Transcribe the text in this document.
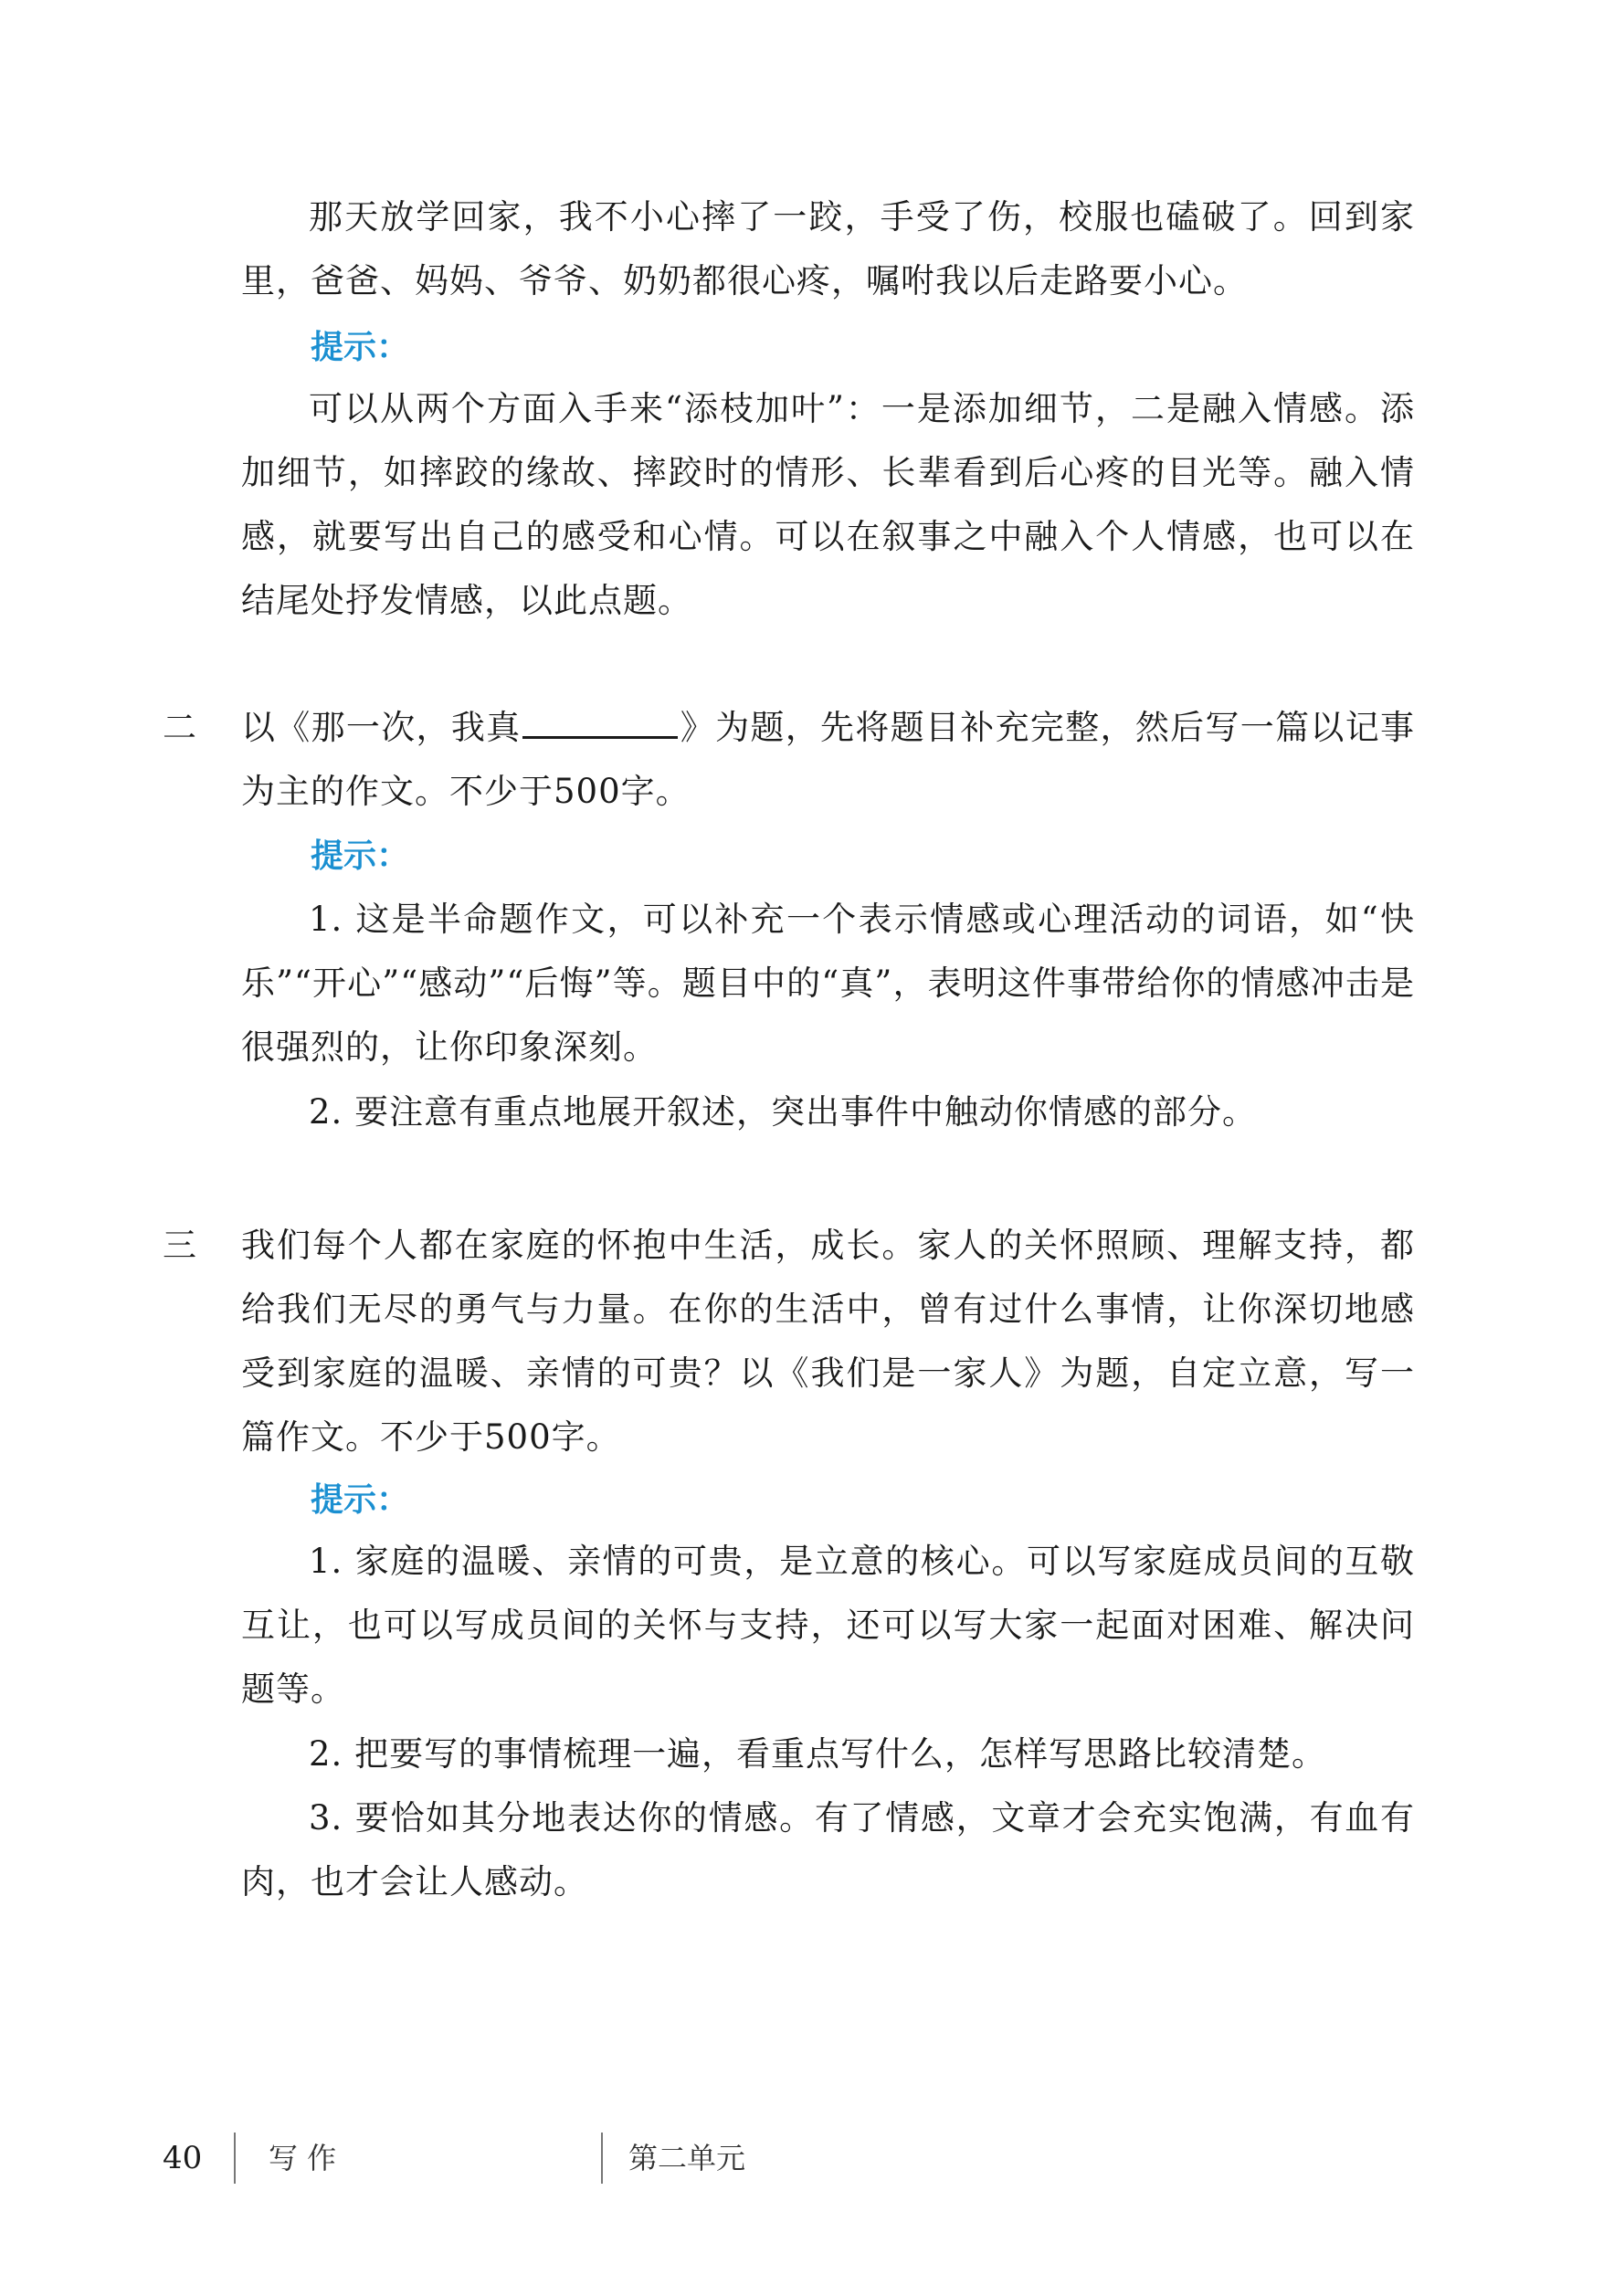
那天放学回家，我不小心摔了一跤，手受了伤，校服也磕破了。回到家里，爸爸、妈妈、爷爷、奶奶都很心疼，嘱咐我以后走路要小心。

提示：

可以从两个方面入手来“添枝加叶”：一是添加细节，二是融入情感。添加细节，如摔跤的缘故、摔跤时的情形、长辈看到后心疼的目光等。融入情感，就要写出自己的感受和心情。可以在叙事之中融入个人情感，也可以在结尾处抒发情感，以此点题。

二 以《那一次，我真	》为题，先将题目补充完整，然后写一篇以记事为主的作文。不少于500字。

提示：

1. 这是半命题作文，可以补充一个表示情感或心理活动的词语，如“快乐”“开心”“感动”“后悔”等。题目中的“真”，表明这件事带给你的情感冲击是很强烈的，让你印象深刻。

2. 要注意有重点地展开叙述，突出事件中触动你情感的部分。

三 我们每个人都在家庭的怀抱中生活，成长。家人的关怀照顾、理解支持，都给我们无尽的勇气与力量。在你的生活中，曾有过什么事情，让你深切地感受到家庭的温暖、亲情的可贵？以《我们是一家人》为题，自定立意，写一篇作文。不少于500字。

提示：

1. 家庭的温暖、亲情的可贵，是立意的核心。可以写家庭成员间的互敬互让，也可以写成员间的关怀与支持，还可以写大家一起面对困难、解决问题等。

2. 把要写的事情梳理一遍，看重点写什么，怎样写思路比较清楚。

3. 要恰如其分地表达你的情感。有了情感，文章才会充实饱满，有血有肉，也才会让人感动。

40 写 作	第二单元
